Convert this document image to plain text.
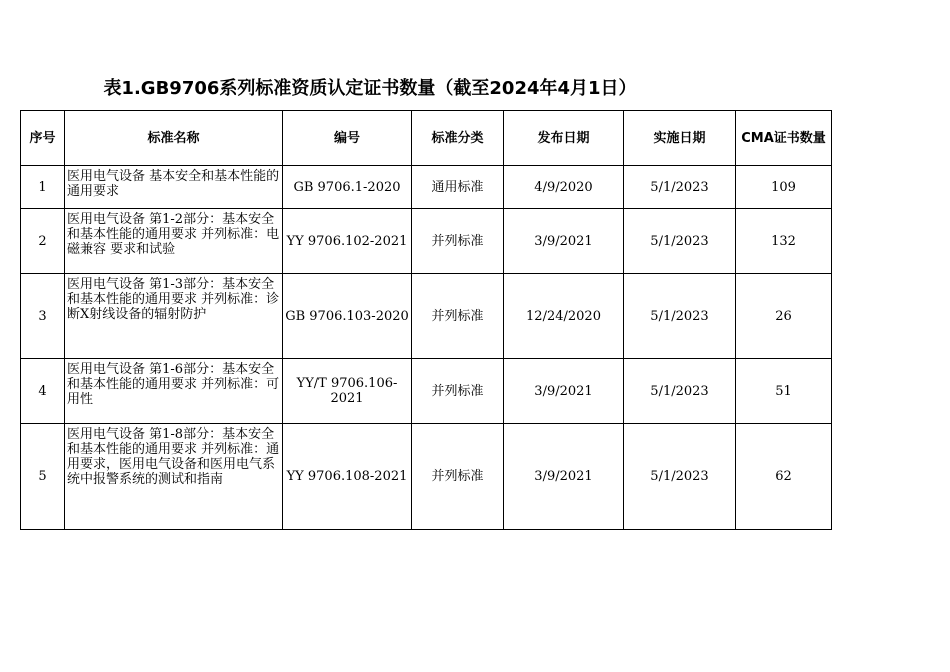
表1.GB9706系列标准资质认定证书数量（截至2024年4月1日）
序号	标准名称	编号	标准分类	发布日期	实施日期	CMA证书数量
1	医用电气设备 基本安全和基本性能的通用要求	GB 9706.1-2020	通用标准	4/9/2020	5/1/2023	109
2	医用电气设备 第1-2部分：基本安全和基本性能的通用要求 并列标准：电磁兼容 要求和试验	YY 9706.102-2021	并列标准	3/9/2021	5/1/2023	132
3	医用电气设备 第1-3部分：基本安全和基本性能的通用要求 并列标准：诊断X射线设备的辐射防护	GB 9706.103-2020	并列标准	12/24/2020	5/1/2023	26
4	医用电气设备 第1-6部分：基本安全和基本性能的通用要求 并列标准：可用性	YY/T 9706.106-2021	并列标准	3/9/2021	5/1/2023	51
5	医用电气设备 第1-8部分：基本安全和基本性能的通用要求 并列标准：通用要求，医用电气设备和医用电气系统中报警系统的测试和指南	YY 9706.108-2021	并列标准	3/9/2021	5/1/2023	62
